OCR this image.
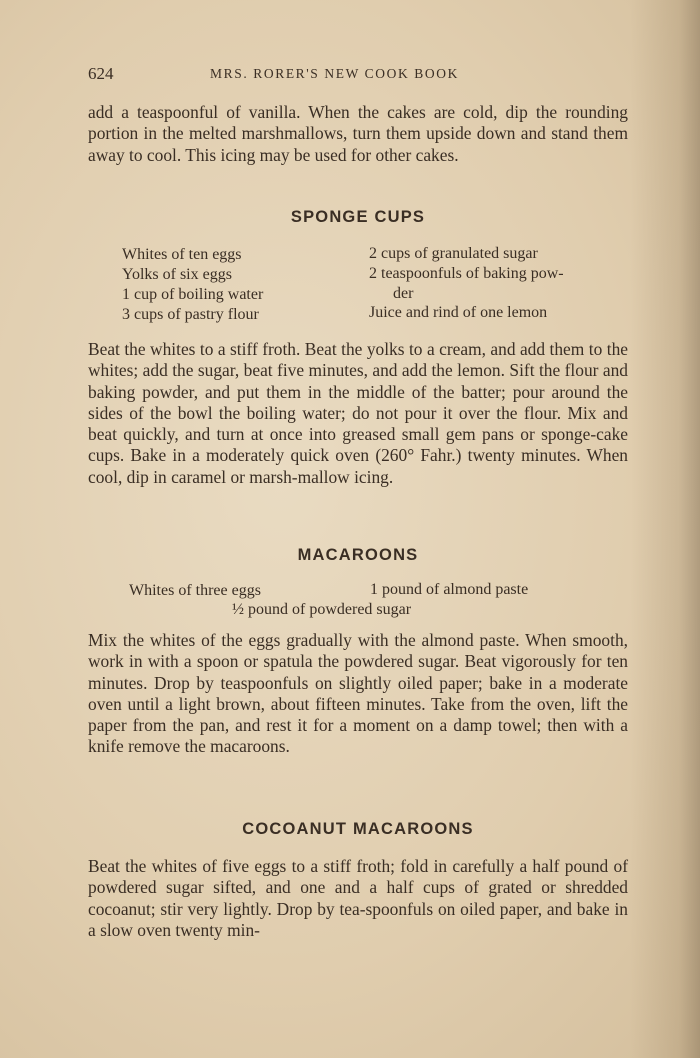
624	MRS. RORER'S NEW COOK BOOK

add a teaspoonful of vanilla. When the cakes are cold, dip the rounding portion in the melted marshmallows, turn them upside down and stand them away to cool. This icing may be used for other cakes.

SPONGE CUPS
Whites of ten eggs
Yolks of six eggs
1 cup of boiling water
3 cups of pastry flour
2 cups of granulated sugar
2 teaspoonfuls of baking pow-
der
Juice and rind of one lemon

Beat the whites to a stiff froth. Beat the yolks to a cream, and add them to the whites; add the sugar, beat five minutes, and add the lemon. Sift the flour and baking powder, and put them in the middle of the batter; pour around the sides of the bowl the boiling water; do not pour it over the flour. Mix and beat quickly, and turn at once into greased small gem pans or sponge-cake cups. Bake in a moderately quick oven (260° Fahr.) twenty minutes. When cool, dip in caramel or marsh-mallow icing.

MACAROONS
Whites of three eggs	1 pound of almond paste
½ pound of powdered sugar

Mix the whites of the eggs gradually with the almond paste. When smooth, work in with a spoon or spatula the powdered sugar. Beat vigorously for ten minutes. Drop by teaspoonfuls on slightly oiled paper; bake in a moderate oven until a light brown, about fifteen minutes. Take from the oven, lift the paper from the pan, and rest it for a moment on a damp towel; then with a knife remove the macaroons.

COCOANUT MACAROONS

Beat the whites of five eggs to a stiff froth; fold in carefully a half pound of powdered sugar sifted, and one and a half cups of grated or shredded cocoanut; stir very lightly. Drop by tea-spoonfuls on oiled paper, and bake in a slow oven twenty min-
